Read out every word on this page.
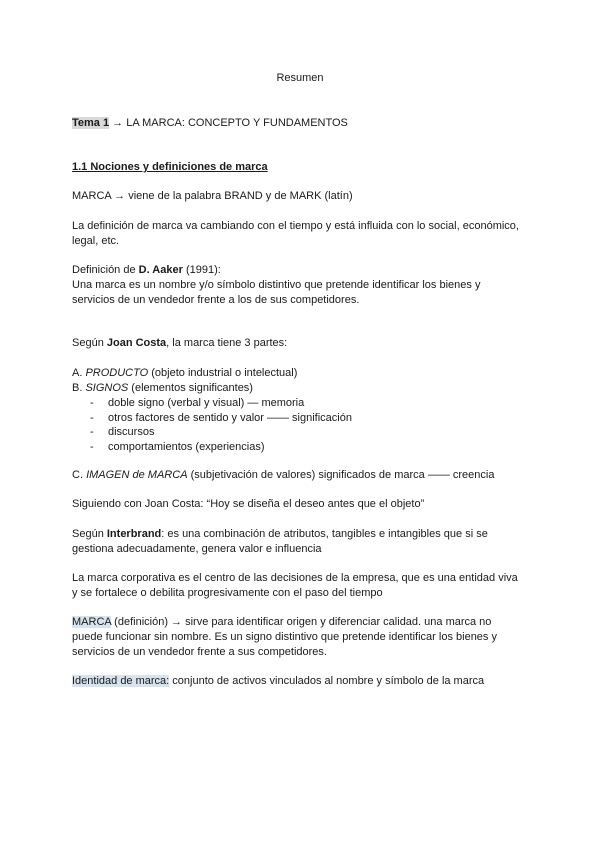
Resumen
Tema 1 → LA MARCA: CONCEPTO Y FUNDAMENTOS
1.1 Nociones y definiciones de marca
MARCA → viene de la palabra BRAND y de MARK (latín)
La definición de marca va cambiando con el tiempo y está influida con lo social, económico,
legal, etc.
Definición de D. Aaker (1991):
Una marca es un nombre y/o símbolo distintivo que pretende identificar los bienes y
servicios de un vendedor frente a los de sus competidores.
Según Joan Costa, la marca tiene 3 partes:
A. PRODUCTO (objeto industrial o intelectual)
B. SIGNOS (elementos significantes)
- doble signo (verbal y visual) — memoria
- otros factores de sentido y valor —— significación
- discursos
- comportamientos (experiencias)
C. IMAGEN de MARCA (subjetivación de valores) significados de marca —— creencia
Siguiendo con Joan Costa: “Hoy se diseña el deseo antes que el objeto”
Según Interbrand: es una combinación de atributos, tangibles e intangibles que si se
gestiona adecuadamente, genera valor e influencia
La marca corporativa es el centro de las decisiones de la empresa, que es una entidad viva
y se fortalece o debilita progresivamente con el paso del tiempo
MARCA (definición) → sirve para identificar origen y diferenciar calidad. una marca no
puede funcionar sin nombre. Es un signo distintivo que pretende identificar los bienes y
servicios de un vendedor frente a sus competidores.
Identidad de marca: conjunto de activos vinculados al nombre y símbolo de la marca
